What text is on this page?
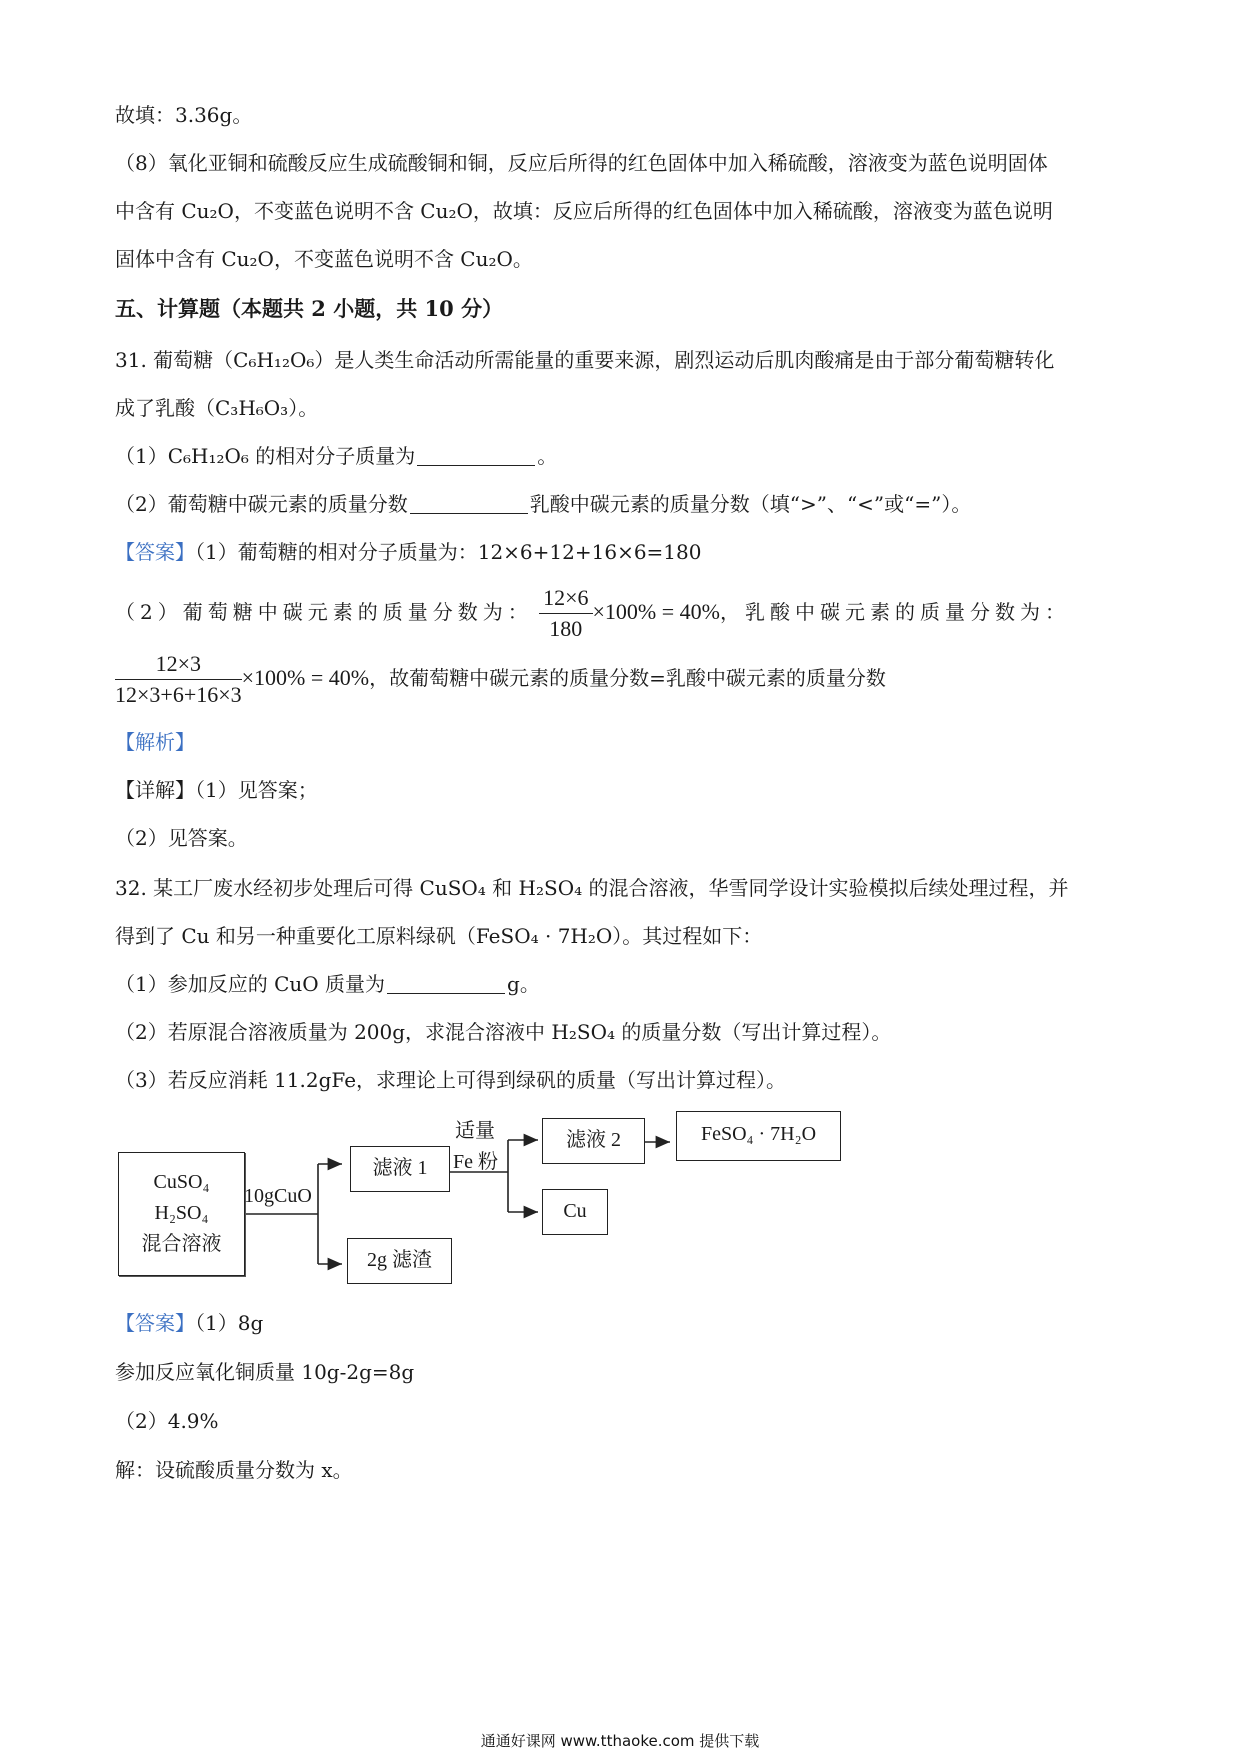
故填：3.36g。
（8）氧化亚铜和硫酸反应生成硫酸铜和铜，反应后所得的红色固体中加入稀硫酸，溶液变为蓝色说明固体
中含有 Cu₂O，不变蓝色说明不含 Cu₂O，故填：反应后所得的红色固体中加入稀硫酸，溶液变为蓝色说明
固体中含有 Cu₂O，不变蓝色说明不含 Cu₂O。
五、计算题（本题共 2 小题，共 10 分）
31. 葡萄糖（C₆H₁₂O₆）是人类生命活动所需能量的重要来源，剧烈运动后肌肉酸痛是由于部分葡萄糖转化
成了乳酸（C₃H₆O₃）。
（1）C₆H₁₂O₆ 的相对分子质量为	。
（2）葡萄糖中碳元素的质量分数	乳酸中碳元素的质量分数（填“>”、“<”或“=”）。
【答案】（1）葡萄糖的相对分子质量为：12×6+12+16×6=180
（2）葡萄糖中碳元素的质量分数为： $\frac{12\times 6}{180} \times 100\% = 40\%$，乳酸中碳元素的质量分数为：
$\frac{12\times 3}{12\times 3+6+16\times 3} \times 100\% = 40\%$，故葡萄糖中碳元素的质量分数=乳酸中碳元素的质量分数
【解析】
【详解】（1）见答案；
（2）见答案。
32. 某工厂废水经初步处理后可得 CuSO₄ 和 H₂SO₄ 的混合溶液，华雪同学设计实验模拟后续处理过程，并
得到了 Cu 和另一种重要化工原料绿矾（FeSO₄ · 7H₂O）。其过程如下：
（1）参加反应的 CuO 质量为	g。
（2）若原混合溶液质量为 200g，求混合溶液中 H₂SO₄ 的质量分数（写出计算过程）。
（3）若反应消耗 11.2gFe，求理论上可得到绿矾的质量（写出计算过程）。
CuSO₄
H₂SO₄
混合溶液
10gCuO
滤液 1
2g 滤渣
适量
Fe 粉
滤液 2
Cu
FeSO₄ · 7H₂O
【答案】（1）8g
参加反应氧化铜质量 10g-2g=8g
（2）4.9%
解：设硫酸质量分数为 x。
通通好课网 www.tthaoke.com 提供下载
